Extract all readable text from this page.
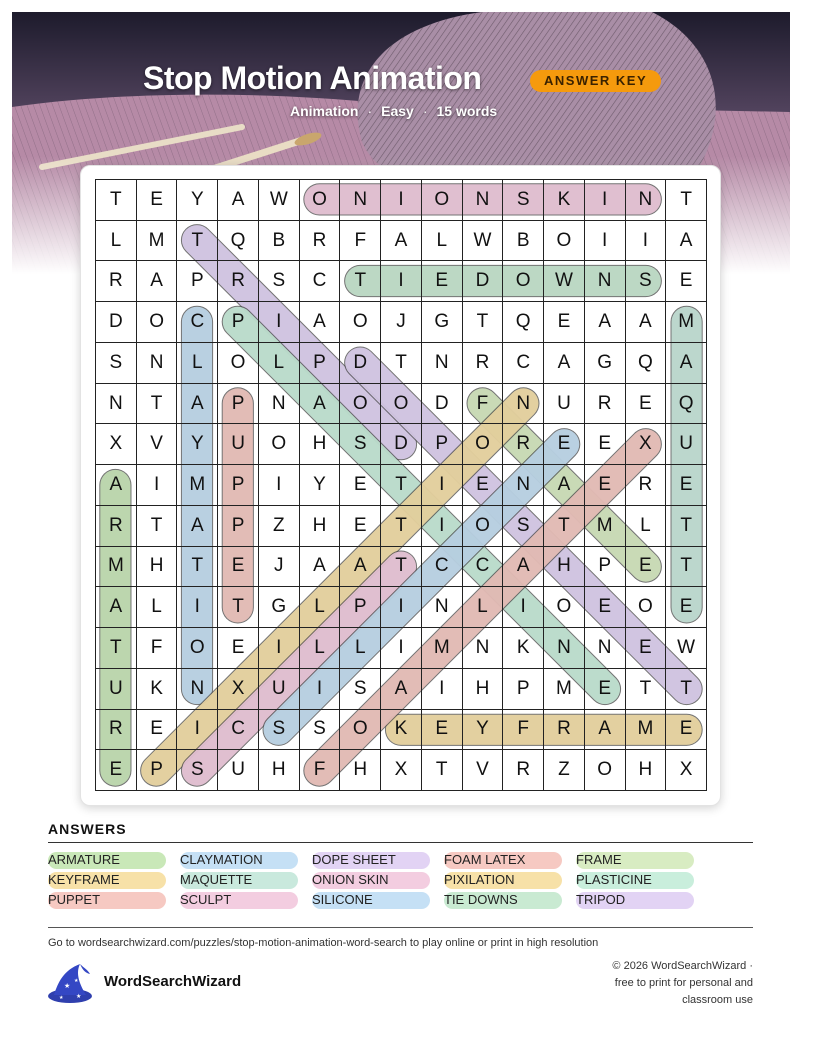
Stop Motion Animation	ANSWER KEY
Animation · Easy · 15 words
T	E	Y	A	W	O	N	I	O	N	S	K	I	N	T
L	M	T	Q	B	R	F	A	L	W	B	O	I	I	A
R	A	P	R	S	C	T	I	E	D	O	W	N	S	E
D	O	C	P	I	A	O	J	G	T	Q	E	A	A	M
S	N	L	O	L	P	D	T	N	R	C	A	G	Q	A
N	T	A	P	N	A	O	O	D	F	N	U	R	E	Q
X	V	Y	U	O	H	S	D	P	O	R	E	E	X	U
A	I	M	P	I	Y	E	T	I	E	N	A	E	R	E
R	T	A	P	Z	H	E	T	I	O	S	T	M	L	T
M	H	T	E	J	A	A	T	C	C	A	H	P	E	T
A	L	I	T	G	L	P	I	N	L	I	O	E	O	E
T	F	O	E	I	L	L	I	M	N	K	N	N	E	W
U	K	N	X	U	I	S	A	I	H	P	M	E	T	T
R	E	I	C	S	S	O	K	E	Y	F	R	A	M	E
E	P	S	U	H	F	H	X	T	V	R	Z	O	H	X
ANSWERS
ARMATURE	CLAYMATION	DOPE SHEET	FOAM LATEX	FRAME
KEYFRAME	MAQUETTE	ONION SKIN	PIXILATION	PLASTICINE
PUPPET	SCULPT	SILICONE	TIE DOWNS	TRIPOD
Go to wordsearchwizard.com/puzzles/stop-motion-animation-word-search to play online or print in high resolution
★
★
★ ★
WordSearchWizard
© 2026 WordSearchWizard ·
free to print for personal and
classroom use
